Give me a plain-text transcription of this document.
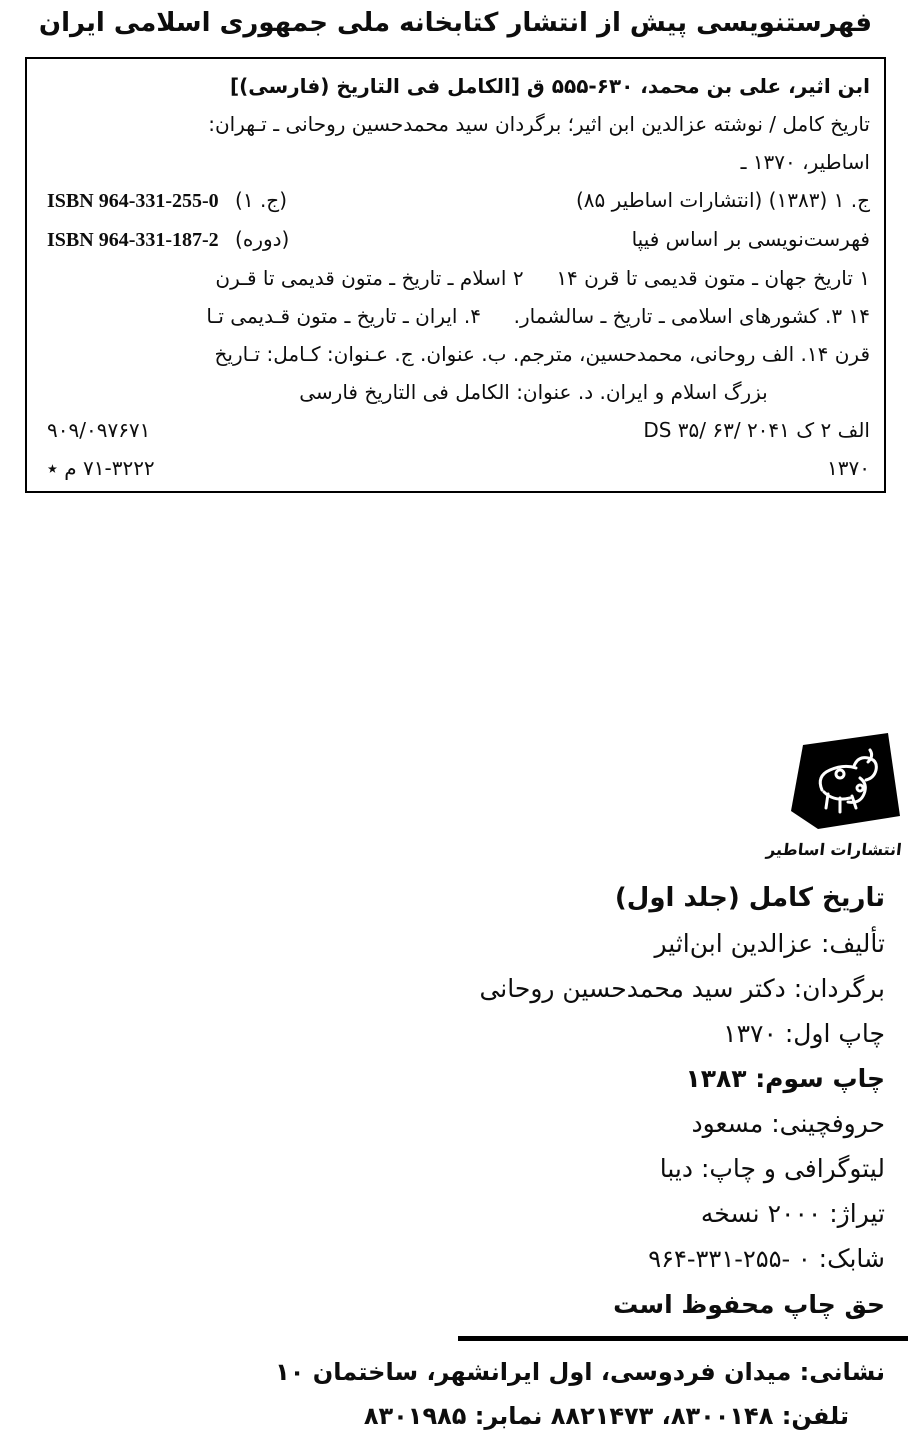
فهرستنویسی پیش از انتشار کتابخانه ملی جمهوری اسلامی ایران
ابن اثیر، علی بن محمد، ۵۵۵‎-‎۶۳۰ ق [الکامل فی التاریخ (فارسی)]
تاریخ کامل / نوشته عزالدین ابن اثیر؛ برگردان سید محمدحسین روحانی ـ تـهران:
اساطیر، ۱۳۷۰ ـ
ISBN 964-331-255-0 (ج. ۱)	ج. ۱ (۱۳۸۳) (انتشارات اساطیر ۸۵)
ISBN 964-331-187-2 (دوره)	فهرست‌نویسی بر اساس فیپا
۱ تاریخ جهان ـ متون قدیمی تا قرن ۱۴   ۲ اسلام ـ تاریخ ـ متون قدیمی تا قـرن
۱۴ ۳. کشورهای اسلامی ـ تاریخ ـ سالشمار.   ۴. ایران ـ تاریخ ـ متون قـدیمی تـا
قرن ۱۴. الف روحانی، محمدحسین، مترجم. ب. عنوان. ج. عـنوان: کـامل: تـاریخ
بزرگ اسلام و ایران. د. عنوان: الکامل فی التاریخ فارسی
۹۰۹/۰۹۷۶۷۱	DS ۳۵/ ۶۳/ الف ۲ ک ۲۰۴۱
٭ م ۷۱-۳۲۲۲	۱۳۷۰
انتشارات اساطیر
تاریخ کامل (جلد اول)
تألیف: عزالدین ابن‌اثیر
برگردان: دکتر سید محمدحسین روحانی
چاپ اول: ۱۳۷۰
چاپ سوم: ۱۳۸۳
حروفچینی: مسعود
لیتوگرافی و چاپ: دیبا
تیراژ: ۲۰۰۰ نسخه
شابک: ۹۶۴-۳۳۱-۲۵۵- ۰
حق چاپ محفوظ است
نشانی: میدان فردوسی، اول ایرانشهر، ساختمان ۱۰
تلفن: ۸۳۰۰۱۴۸، ۸۸۲۱۴۷۳ نمابر: ۸۳۰۱۹۸۵
